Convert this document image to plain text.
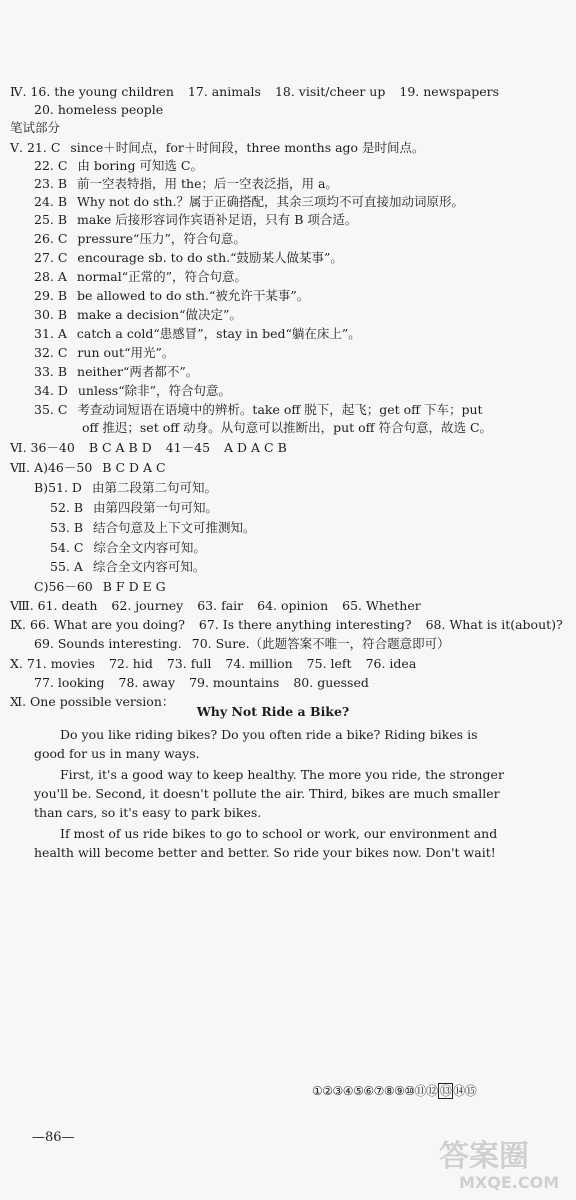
Ⅳ. 16. the young children 17. animals 18. visit/cheer up 19. newspapers
20. homeless people
笔试部分
Ⅴ. 21. C since＋时间点，for＋时间段，three months ago 是时间点。
22. C 由 boring 可知选 C。
23. B 前一空表特指，用 the；后一空表泛指，用 a。
24. B Why not do sth.？属于正确搭配，其余三项均不可直接加动词原形。
25. B make 后接形容词作宾语补足语，只有 B 项合适。
26. C pressure“压力”，符合句意。
27. C encourage sb. to do sth.“鼓励某人做某事”。
28. A normal“正常的”，符合句意。
29. B be allowed to do sth.“被允许干某事”。
30. B make a decision“做决定”。
31. A catch a cold“患感冒”，stay in bed“躺在床上”。
32. C run out“用光”。
33. B neither“两者都不”。
34. D unless“除非”，符合句意。
35. C 考查动词短语在语境中的辨析。take off 脱下，起飞；get off 下车；put
off 推迟；set off 动身。从句意可以推断出，put off 符合句意，故选 C。
Ⅵ. 36－40 B C A B D 41－45 A D A C B
Ⅶ. A)46－50 B C D A C
B)51. D 由第二段第二句可知。
52. B 由第四段第一句可知。
53. B 结合句意及上下文可推测知。
54. C 综合全文内容可知。
55. A 综合全文内容可知。
C)56－60 B F D E G
Ⅷ. 61. death 62. journey 63. fair 64. opinion 65. Whether
Ⅸ. 66. What are you doing? 67. Is there anything interesting? 68. What is it(about)?
69. Sounds interesting. 70. Sure.（此题答案不唯一，符合题意即可）
Ⅹ. 71. movies 72. hid 73. full 74. million 75. left 76. idea
77. looking 78. away 79. mountains 80. guessed
Ⅺ. One possible version：

Why Not Ride a Bike?

Do you like riding bikes? Do you often ride a bike? Riding bikes is good for us in many ways.

First, it's a good way to keep healthy. The more you ride, the stronger you'll be. Second, it doesn't pollute the air. Third, bikes are much smaller than cars, so it's easy to park bikes.

If most of us ride bikes to go to school or work, our environment and health will become better and better. So ride your bikes now. Don't wait!

①②③④⑤⑥⑦⑧⑨⑩⑪⑫ ⑬ ⑭⑮
—86—
答案圈
MXQE.COM
